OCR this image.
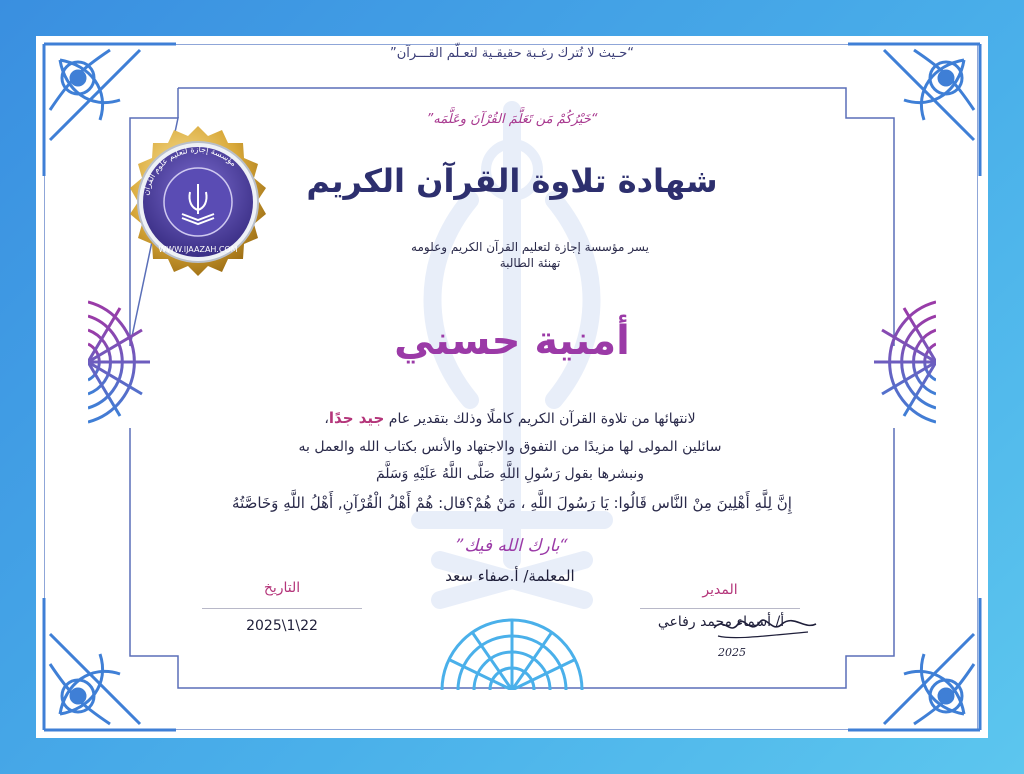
مؤسسة إجازة لتعليم علوم القرآن
WWW.IJAAZAH.COM
“حـيث لا تُترك رغـبة حقيقـية لتعـلّم القـــرآن”
“خَيْرُكُمْ مَن تَعَلَّمَ القُرْآنَ وعَلَّمَه”
شهادة تلاوة القرآن الكريم
يسر مؤسسة إجازة لتعليم القرآن الكريم وعلومه
تهنئة الطالبة
أمنية حسني
لانتهائها من تلاوة القرآن الكريم كاملًا وذلك بتقدير عام جيد جدًا،
سائلين المولى لها مزيدًا من التفوق والاجتهاد والأنس بكتاب الله والعمل به
ونبشرها بقول رَسُولِ اللَّهِ صَلَّى اللَّهُ عَلَيْهِ وَسَلَّمَ
إِنَّ لِلَّهِ أَهْلِينَ مِنْ النَّاس قَالُوا: يَا رَسُولَ اللَّهِ ، مَنْ هُمْ؟قال: هُمْ أَهْلُ الْقُرْآنِ, أَهْلُ اللَّهِ وَخَاصَّتُهُ
“بارك الله فيك”
المعلمة/ أ.صفاء سعد
التاريخ
2025\1\22
المدير
أ/ أسماء محمد رفاعي
2025
